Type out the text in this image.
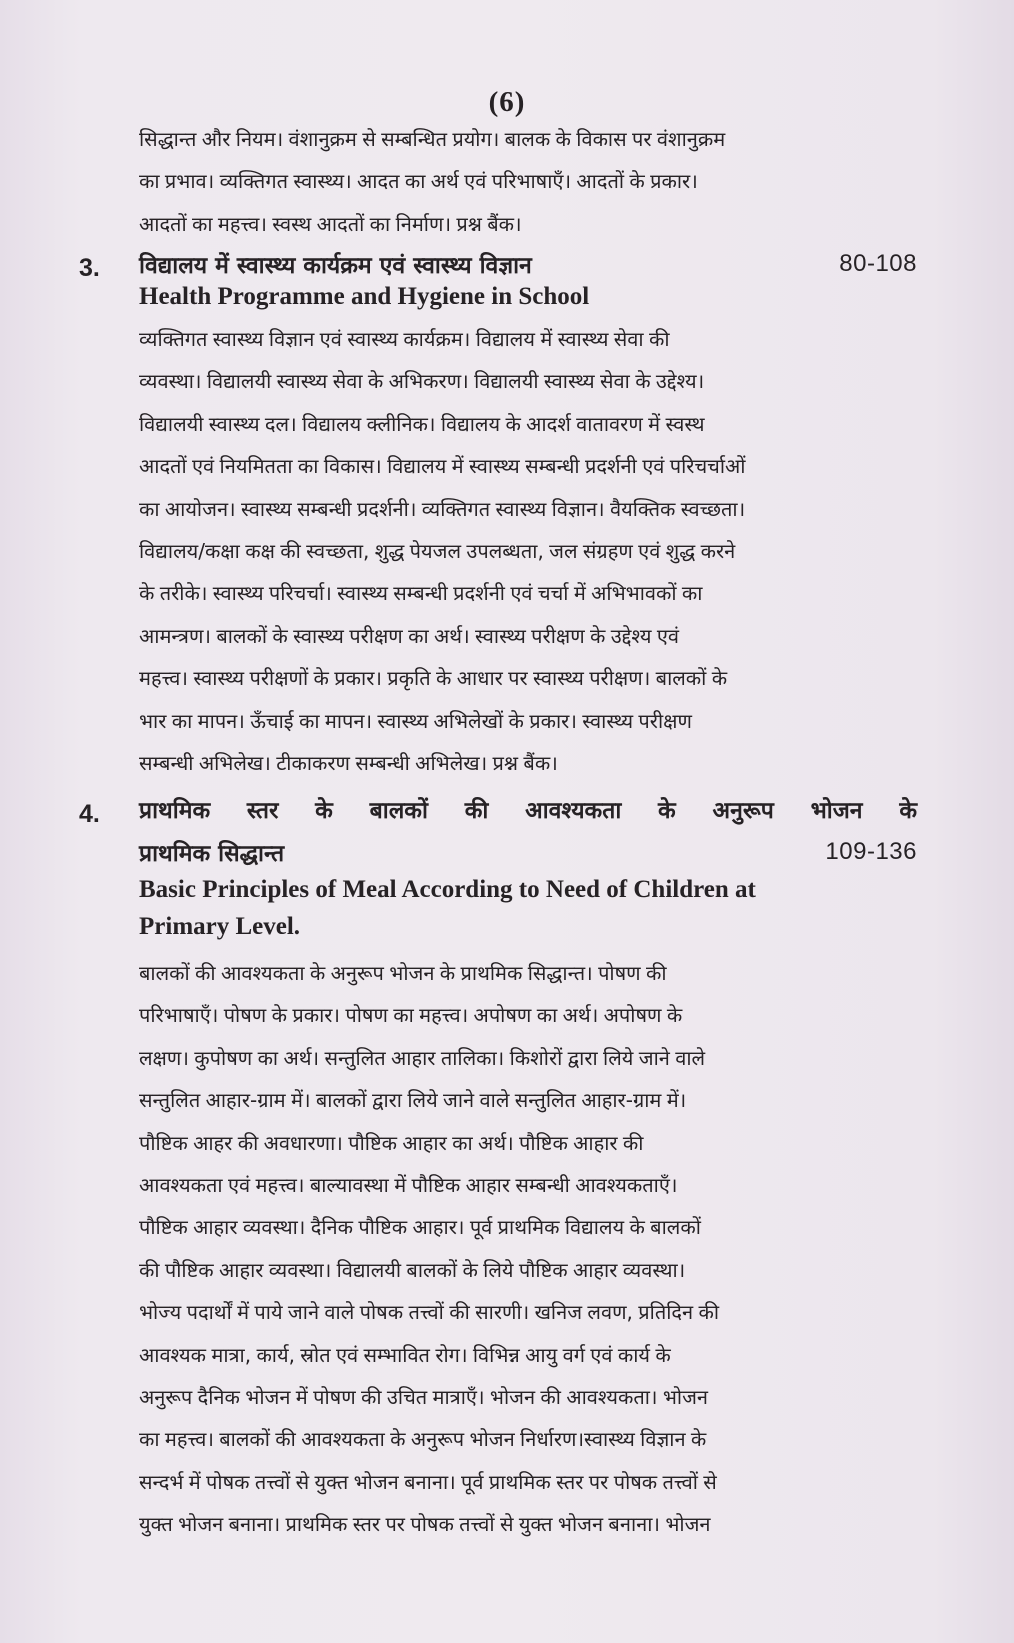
(6)
सिद्धान्त और नियम। वंशानुक्रम से सम्बन्धित प्रयोग। बालक के विकास पर वंशानुक्रम
का प्रभाव। व्यक्तिगत स्वास्थ्य। आदत का अर्थ एवं परिभाषाएँ। आदतों के प्रकार।
आदतों का महत्त्व। स्वस्थ आदतों का निर्माण। प्रश्न बैंक।
3. विद्यालय में स्वास्थ्य कार्यक्रम एवं स्वास्थ्य विज्ञान	80-108
Health Programme and Hygiene in School
व्यक्तिगत स्वास्थ्य विज्ञान एवं स्वास्थ्य कार्यक्रम। विद्यालय में स्वास्थ्य सेवा की
व्यवस्था। विद्यालयी स्वास्थ्य सेवा के अभिकरण। विद्यालयी स्वास्थ्य सेवा के उद्देश्य।
विद्यालयी स्वास्थ्य दल। विद्यालय क्लीनिक। विद्यालय के आदर्श वातावरण में स्वस्थ
आदतों एवं नियमितता का विकास। विद्यालय में स्वास्थ्य सम्बन्धी प्रदर्शनी एवं परिचर्चाओं
का आयोजन। स्वास्थ्य सम्बन्धी प्रदर्शनी। व्यक्तिगत स्वास्थ्य विज्ञान। वैयक्तिक स्वच्छता।
विद्यालय/कक्षा कक्ष की स्वच्छता, शुद्ध पेयजल उपलब्धता, जल संग्रहण एवं शुद्ध करने
के तरीके। स्वास्थ्य परिचर्चा। स्वास्थ्य सम्बन्धी प्रदर्शनी एवं चर्चा में अभिभावकों का
आमन्त्रण। बालकों के स्वास्थ्य परीक्षण का अर्थ। स्वास्थ्य परीक्षण के उद्देश्य एवं
महत्त्व। स्वास्थ्य परीक्षणों के प्रकार। प्रकृति के आधार पर स्वास्थ्य परीक्षण। बालकों के
भार का मापन। ऊँचाई का मापन। स्वास्थ्य अभिलेखों के प्रकार। स्वास्थ्य परीक्षण
सम्बन्धी अभिलेख। टीकाकरण सम्बन्धी अभिलेख। प्रश्न बैंक।
4. प्राथमिक स्तर के बालकों की आवश्यकता के अनुरूप भोजन के
प्राथमिक सिद्धान्त	109-136
Basic Principles of Meal According to Need of Children at
Primary Level.
बालकों की आवश्यकता के अनुरूप भोजन के प्राथमिक सिद्धान्त। पोषण की
परिभाषाएँ। पोषण के प्रकार। पोषण का महत्त्व। अपोषण का अर्थ। अपोषण के
लक्षण। कुपोषण का अर्थ। सन्तुलित आहार तालिका। किशोरों द्वारा लिये जाने वाले
सन्तुलित आहार-ग्राम में। बालकों द्वारा लिये जाने वाले सन्तुलित आहार-ग्राम में।
पौष्टिक आहर की अवधारणा। पौष्टिक आहार का अर्थ। पौष्टिक आहार की
आवश्यकता एवं महत्त्व। बाल्यावस्था में पौष्टिक आहार सम्बन्धी आवश्यकताएँ।
पौष्टिक आहार व्यवस्था। दैनिक पौष्टिक आहार। पूर्व प्राथमिक विद्यालय के बालकों
की पौष्टिक आहार व्यवस्था। विद्यालयी बालकों के लिये पौष्टिक आहार व्यवस्था।
भोज्य पदार्थों में पाये जाने वाले पोषक तत्त्वों की सारणी। खनिज लवण, प्रतिदिन की
आवश्यक मात्रा, कार्य, स्रोत एवं सम्भावित रोग। विभिन्न आयु वर्ग एवं कार्य के
अनुरूप दैनिक भोजन में पोषण की उचित मात्राएँ। भोजन की आवश्यकता। भोजन
का महत्त्व। बालकों की आवश्यकता के अनुरूप भोजन निर्धारण।स्वास्थ्य विज्ञान के
सन्दर्भ में पोषक तत्त्वों से युक्त भोजन बनाना। पूर्व प्राथमिक स्तर पर पोषक तत्त्वों से
युक्त भोजन बनाना। प्राथमिक स्तर पर पोषक तत्त्वों से युक्त भोजन बनाना। भोजन
